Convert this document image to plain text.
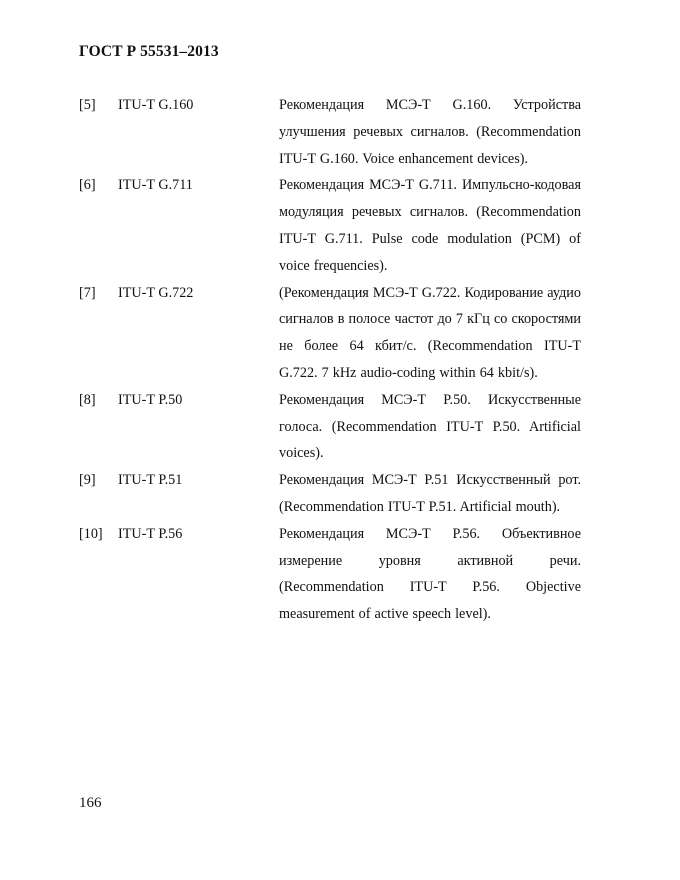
ГОСТ Р 55531–2013
[5] ITU-T G.160	Рекомендация МСЭ-Т G.160. Устройства улучшения речевых сигналов. (Recommendation ITU-T G.160. Voice enhancement devices).
[6] ITU-T G.711	Рекомендация МСЭ-Т G.711. Импульсно-кодовая модуляция речевых сигналов. (Recommendation ITU-T G.711. Pulse code modulation (PCM) of voice frequencies).
[7] ITU-T G.722	(Рекомендация МСЭ-Т G.722. Кодирование аудио сигналов в полосе частот до 7 кГц со скоростями не более 64 кбит/с. (Recommendation ITU-T G.722. 7 kHz audio-coding within 64 kbit/s).
[8] ITU-T P.50	Рекомендация МСЭ-Т P.50. Искусственные голоса. (Recommendation ITU-T P.50. Artificial voices).
[9] ITU-T P.51	Рекомендация МСЭ-Т P.51 Искусственный рот. (Recommendation ITU-T P.51. Artificial mouth).
[10] ITU-T P.56	Рекомендация МСЭ-Т P.56. Объективное измерение уровня активной речи. (Recommendation ITU-T P.56. Objective measurement of active speech level).
166
